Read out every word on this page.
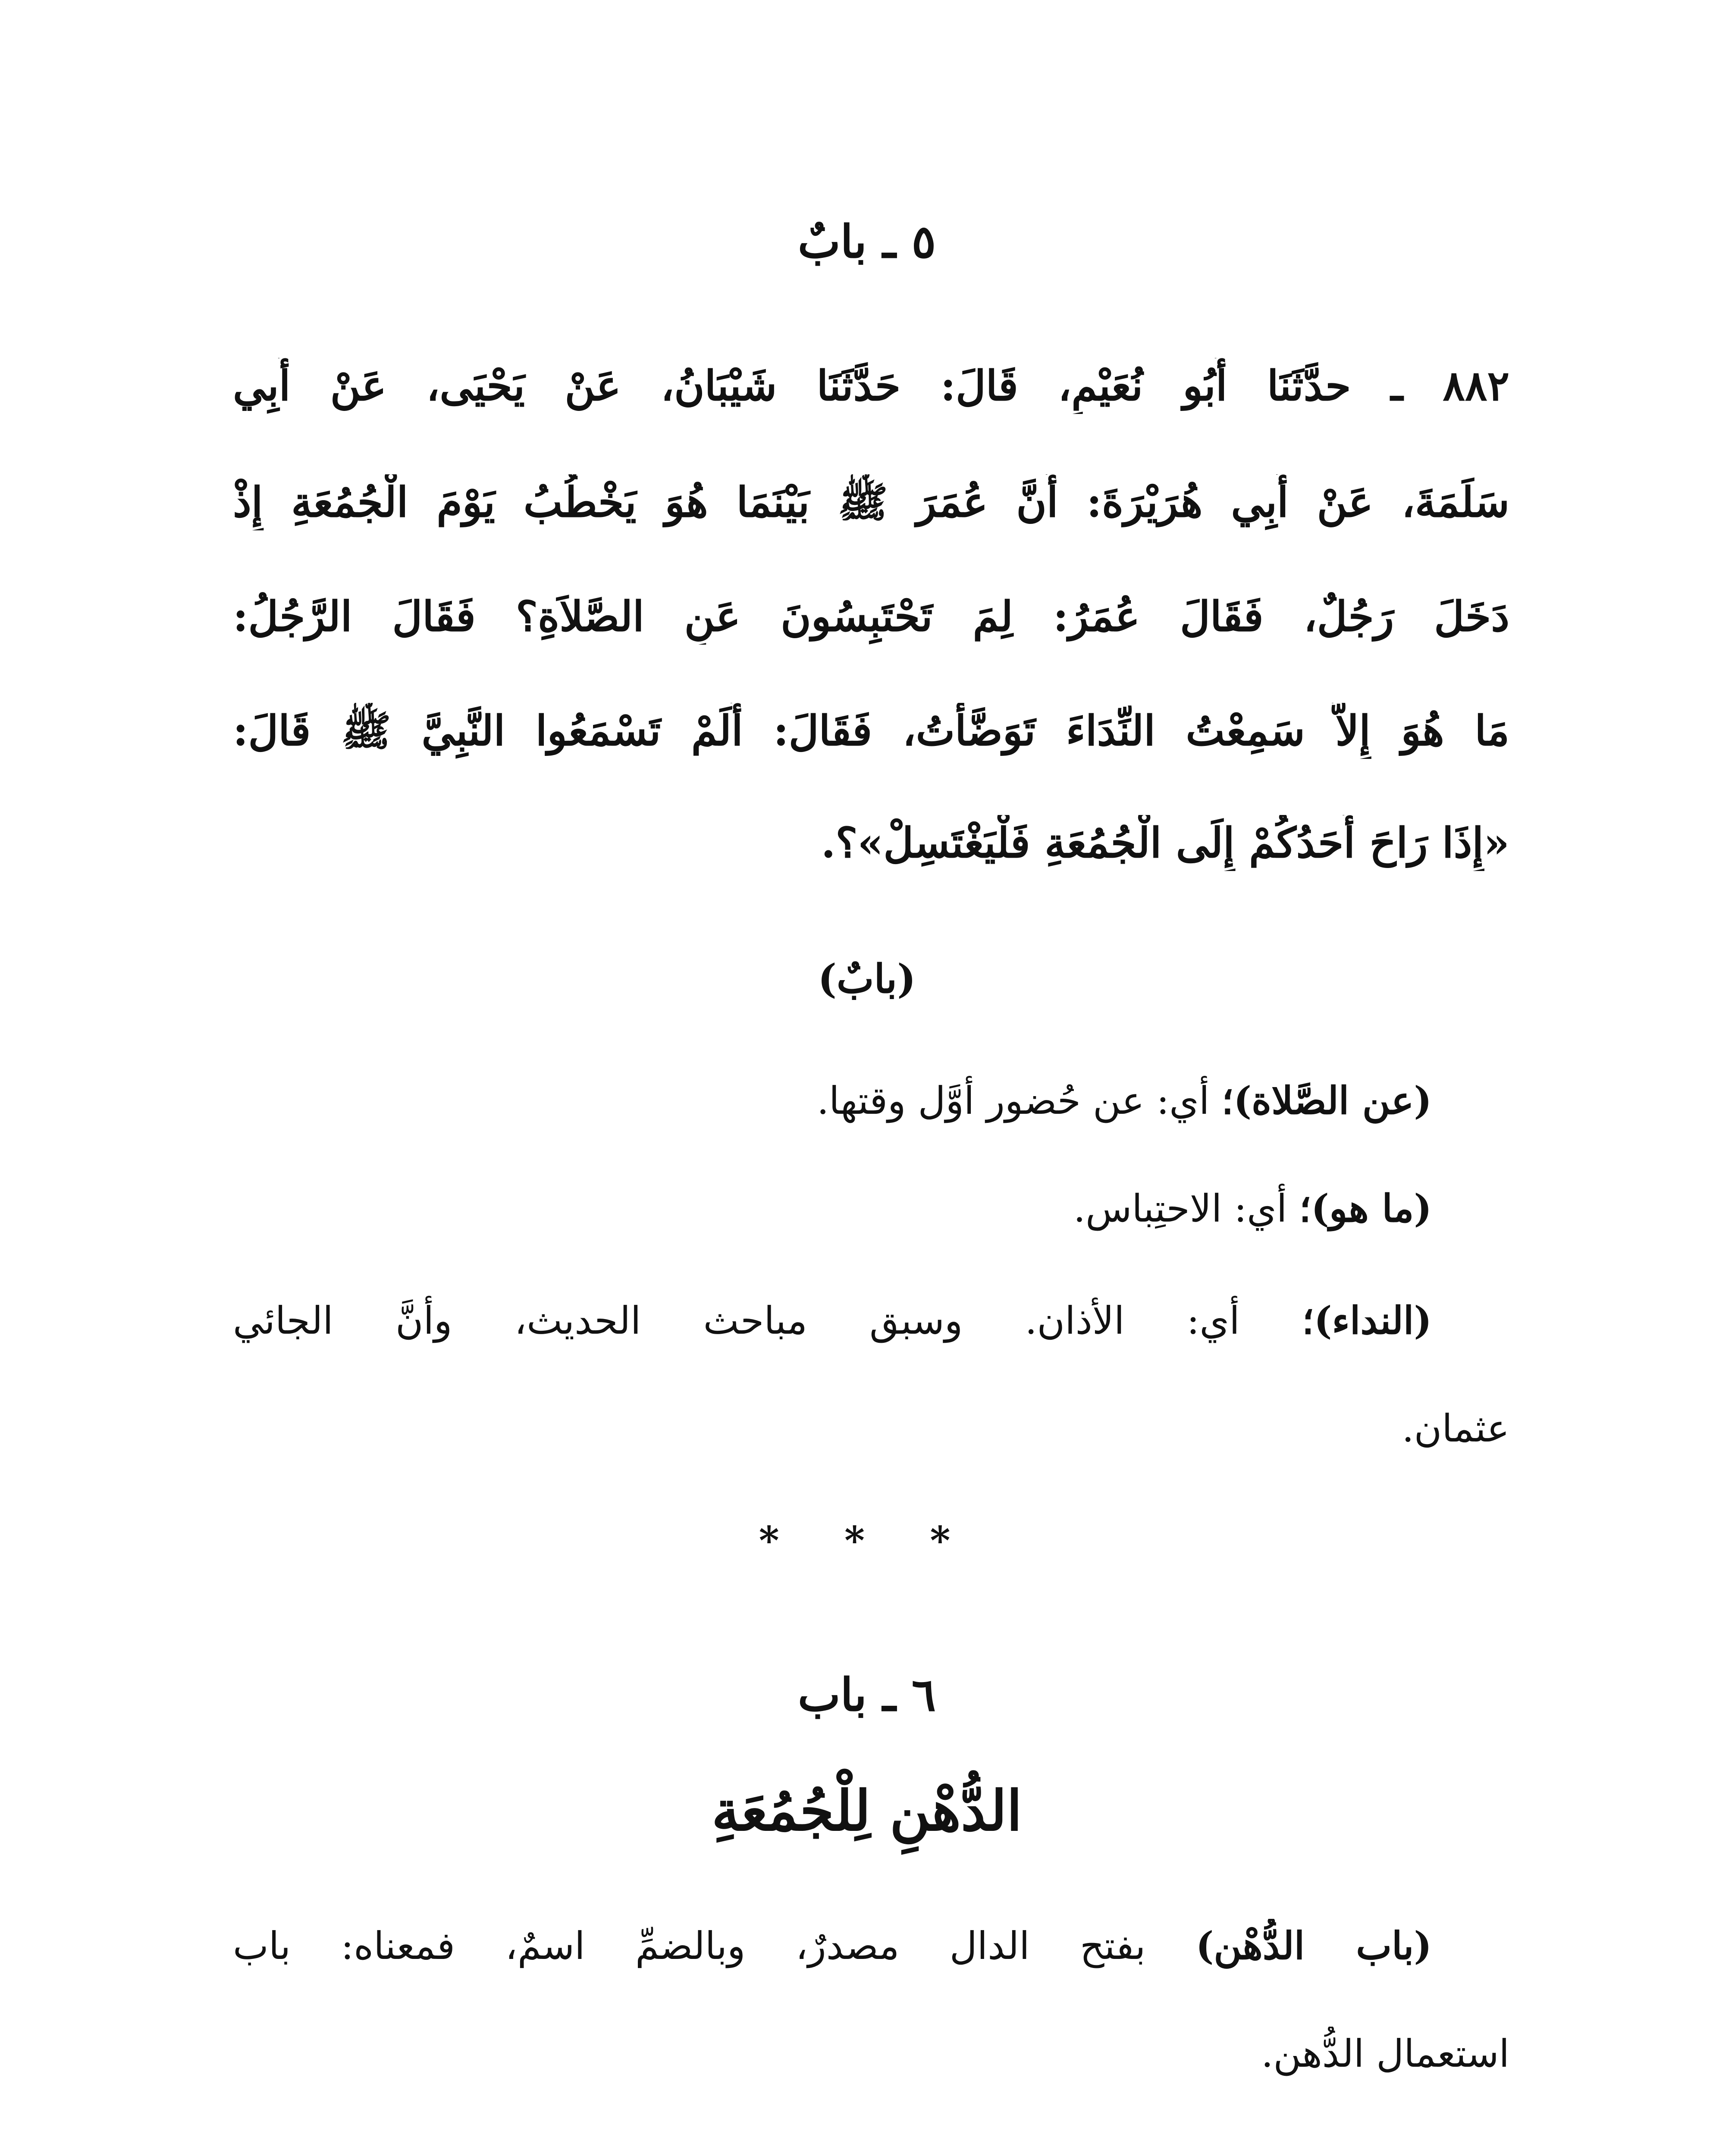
٥ ـ بابٌ
٨٨٢ ـ حدَّثَنَا أَبُو نُعَيْمٍ، قَالَ: حَدَّثَنَا شَيْبَانُ، عَنْ يَحْيَى، عَنْ أَبِي
سَلَمَةَ، عَنْ أَبِي هُرَيْرَةَ: أَنَّ عُمَرَ ﷺ بَيْنَمَا هُوَ يَخْطُبُ يَوْمَ الْجُمُعَةِ إِذْ
دَخَلَ رَجُلٌ، فَقَالَ عُمَرُ: لِمَ تَحْتَبِسُونَ عَنِ الصَّلاَةِ؟ فَقَالَ الرَّجُلُ:
مَا هُوَ إِلاَّ سَمِعْتُ النِّدَاءَ تَوَضَّأْتُ، فَقَالَ: أَلَمْ تَسْمَعُوا النَّبِيَّ ﷺ قَالَ:
«إِذَا رَاحَ أَحَدُكُمْ إِلَى الْجُمُعَةِ فَلْيَغْتَسِلْ»؟.
(بابٌ)
(عن الصَّلاة)؛ أي: عن حُضور أوَّل وقتها.
(ما هو)؛ أي: الاحتِباس.
(النداء)؛ أي: الأذان. وسبق مباحث الحديث، وأنَّ الجائي
عثمان.
* * *
٦ ـ باب
الدُّهْنِ لِلْجُمُعَةِ
(باب الدُّهْن) بفتح الدال مصدرٌ، وبالضمِّ اسمٌ، فمعناه: باب
استعمال الدُّهن.
